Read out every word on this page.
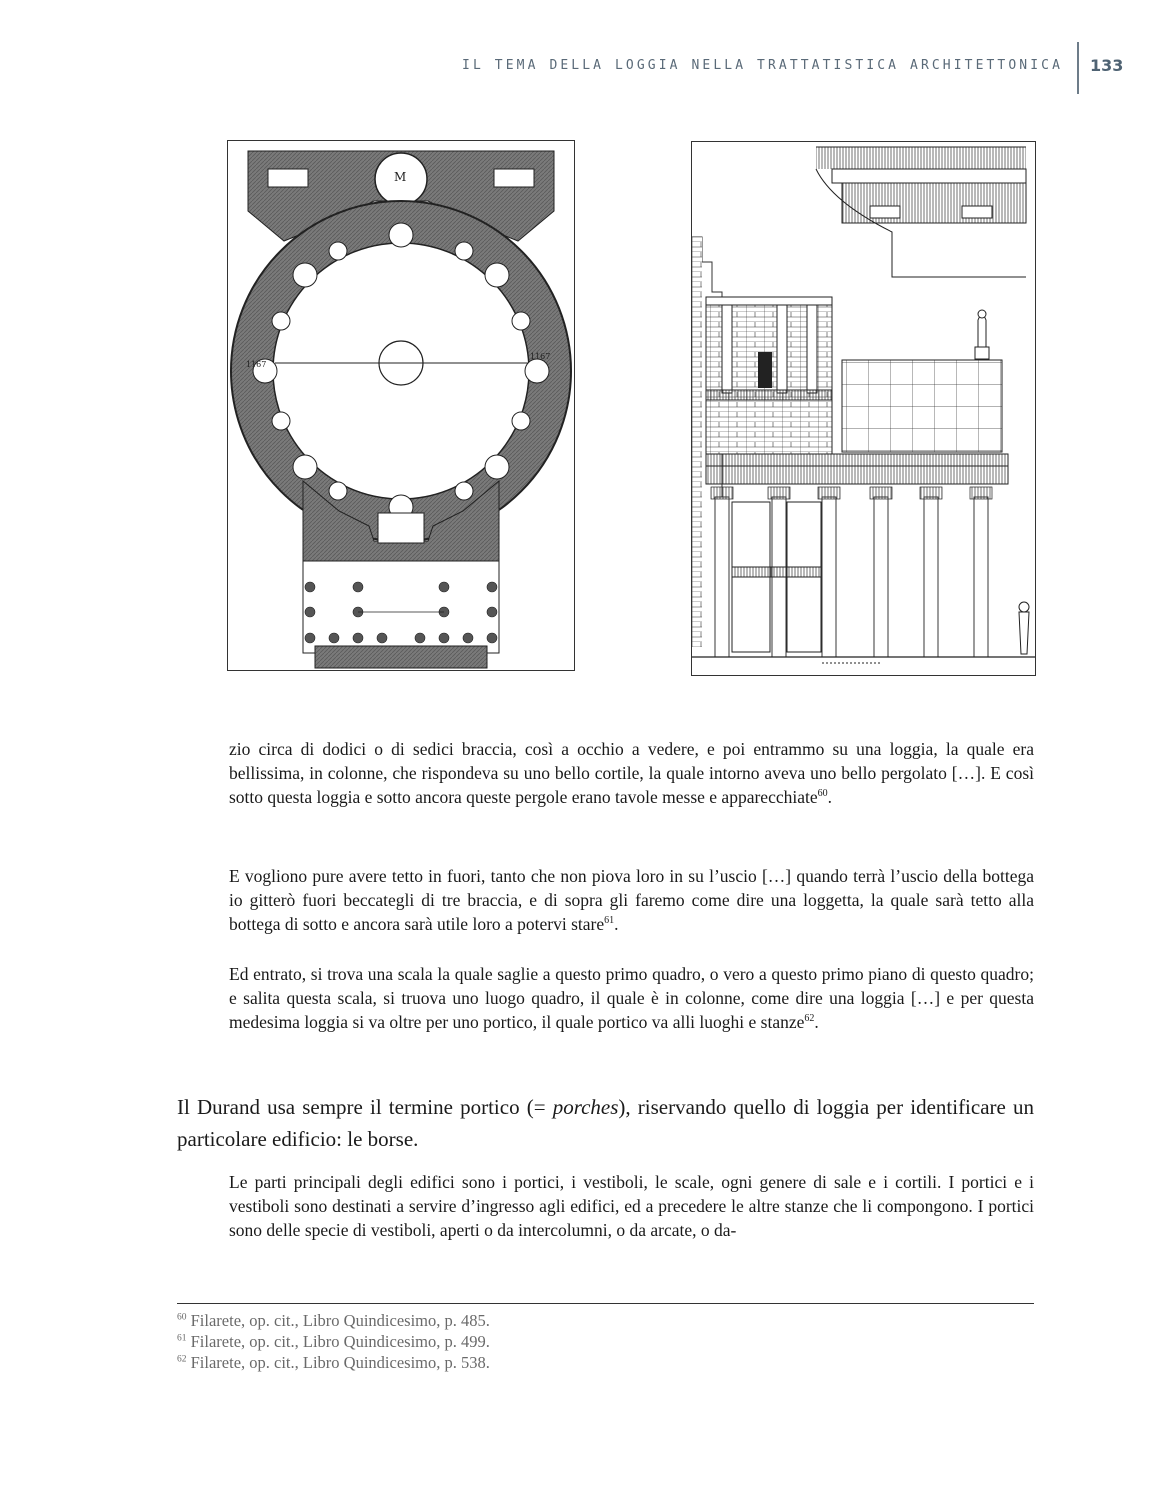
IL TEMA DELLA LOGGIA NELLA TRATTATISTICA ARCHITETTONICA 133
1167
1167
M

zio circa di dodici o di sedici braccia, così a occhio a vedere, e poi entrammo su una loggia, la quale era bellissima, in colonne, che rispondeva su uno bello cortile, la quale intorno aveva uno bello pergolato […]. E così sotto questa loggia e sotto ancora queste pergole erano tavole messe e apparecchiate$^{60}$.

E vogliono pure avere tetto in fuori, tanto che non piova loro in su l’uscio […] quando terrà l’uscio della bottega io gitterò fuori beccategli di tre braccia, e di sopra gli faremo come dire una loggetta, la quale sarà tetto alla bottega di sotto e ancora sarà utile loro a potervi stare$^{61}$.

Ed entrato, si trova una scala la quale saglie a questo primo quadro, o vero a questo primo piano di questo quadro; e salita questa scala, si truova uno luogo quadro, il quale è in colonne, come dire una loggia […] e per questa medesima loggia si va oltre per uno portico, il quale portico va alli luoghi e stanze$^{62}$.

Il Durand usa sempre il termine portico (= porches), riservando quello di loggia per identificare un particolare edificio: le borse.

Le parti principali degli edifici sono i portici, i vestiboli, le scale, ogni genere di sale e i cortili. I portici e i vestiboli sono destinati a servire d’ingresso agli edifici, ed a precedere le altre stanze che li compongono. I portici sono delle specie di vestiboli, aperti o da intercolumni, o da arcate, o da-

$^{60}$ Filarete, op. cit., Libro Quindicesimo, p. 485.
$^{61}$ Filarete, op. cit., Libro Quindicesimo, p. 499.
$^{62}$ Filarete, op. cit., Libro Quindicesimo, p. 538.
